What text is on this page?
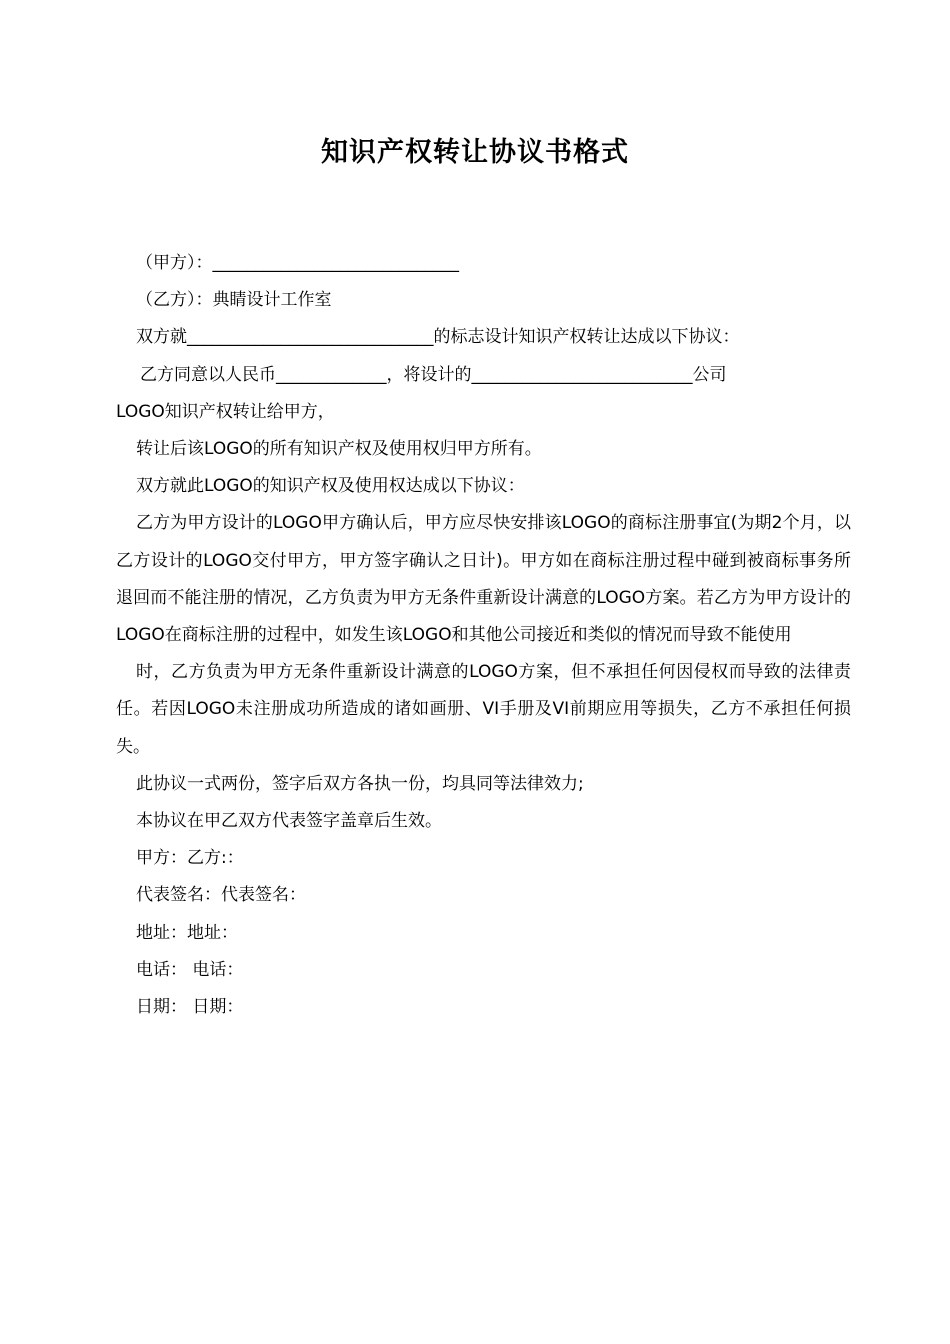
知识产权转让协议书格式

（甲方）：_____________________________

（乙方）：典睛设计工作室

双方就_____________________________的标志设计知识产权转让达成以下协议：

乙方同意以人民币_____________，将设计的__________________________公司

LOGO知识产权转让给甲方，

转让后该LOGO的所有知识产权及使用权归甲方所有。

双方就此LOGO的知识产权及使用权达成以下协议：

乙方为甲方设计的LOGO甲方确认后，甲方应尽快安排该LOGO的商标注册事宜(为期2个月，以乙方设计的LOGO交付甲方，甲方签字确认之日计)。甲方如在商标注册过程中碰到被商标事务所退回而不能注册的情况，乙方负责为甲方无条件重新设计满意的LOGO方案。若乙方为甲方设计的LOGO在商标注册的过程中，如发生该LOGO和其他公司接近和类似的情况而导致不能使用

时，乙方负责为甲方无条件重新设计满意的LOGO方案，但不承担任何因侵权而导致的法律责任。若因LOGO未注册成功所造成的诸如画册、VI手册及VI前期应用等损失，乙方不承担任何损失。

此协议一式两份，签字后双方各执一份，均具同等法律效力;

本协议在甲乙双方代表签字盖章后生效。

甲方：乙方:：

代表签名：代表签名：

地址：地址：

电话： 电话：

日期： 日期：
